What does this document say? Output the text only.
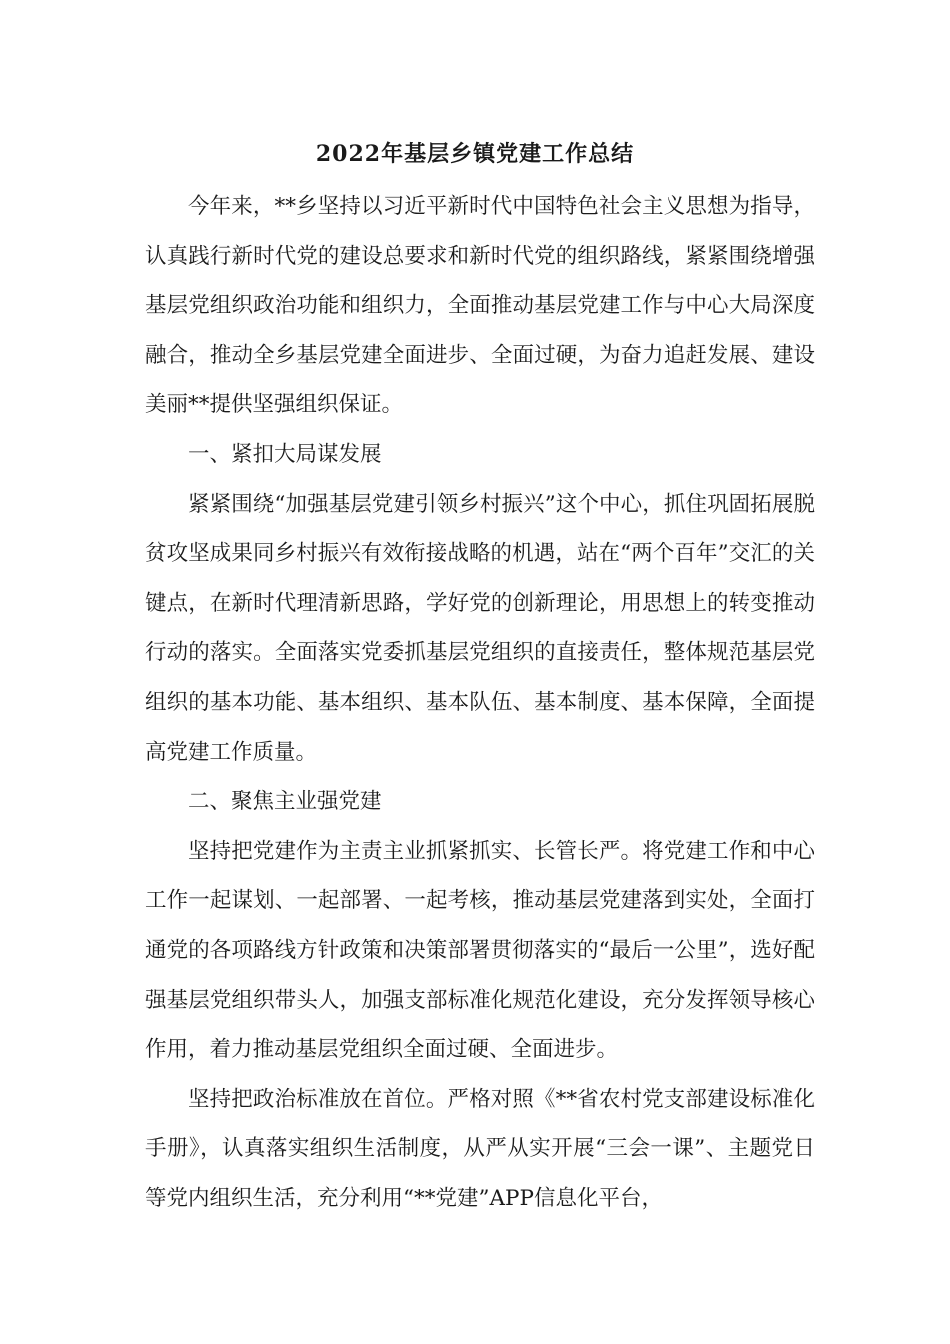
2022年基层乡镇党建工作总结

今年来，**乡坚持以习近平新时代中国特色社会主义思想为指导，认真践行新时代党的建设总要求和新时代党的组织路线，紧紧围绕增强基层党组织政治功能和组织力，全面推动基层党建工作与中心大局深度融合，推动全乡基层党建全面进步、全面过硬，为奋力追赶发展、建设美丽**提供坚强组织保证。

一、紧扣大局谋发展

紧紧围绕“加强基层党建引领乡村振兴”这个中心，抓住巩固拓展脱贫攻坚成果同乡村振兴有效衔接战略的机遇，站在“两个百年”交汇的关键点，在新时代理清新思路，学好党的创新理论，用思想上的转变推动行动的落实。全面落实党委抓基层党组织的直接责任，整体规范基层党组织的基本功能、基本组织、基本队伍、基本制度、基本保障，全面提高党建工作质量。

二、聚焦主业强党建

坚持把党建作为主责主业抓紧抓实、长管长严。将党建工作和中心工作一起谋划、一起部署、一起考核，推动基层党建落到实处，全面打通党的各项路线方针政策和决策部署贯彻落实的“最后一公里”，选好配强基层党组织带头人，加强支部标准化规范化建设，充分发挥领导核心作用，着力推动基层党组织全面过硬、全面进步。

坚持把政治标准放在首位。严格对照《**省农村党支部建设标准化手册》，认真落实组织生活制度，从严从实开展“三会一课”、主题党日等党内组织生活，充分利用“**党建”APP信息化平台，
